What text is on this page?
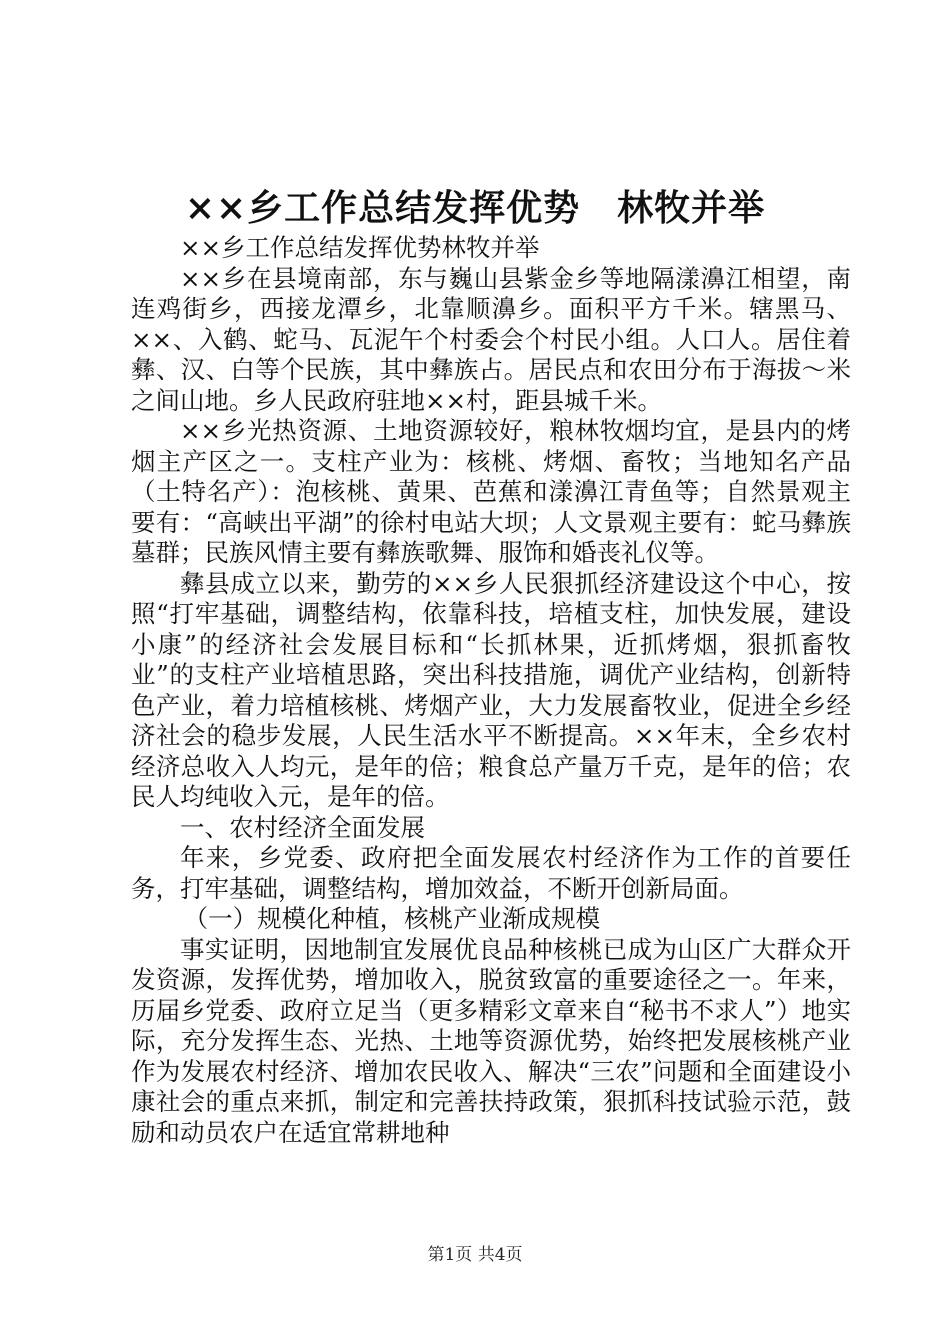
××乡工作总结发挥优势　林牧并举

××乡工作总结发挥优势林牧并举

××乡在县境南部，东与巍山县紫金乡等地隔漾濞江相望，南连鸡街乡，西接龙潭乡，北靠顺濞乡。面积平方千米。辖黑马、××、入鹤、蛇马、瓦泥午个村委会个村民小组。人口人。居住着彝、汉、白等个民族，其中彝族占。居民点和农田分布于海拔～米之间山地。乡人民政府驻地××村，距县城千米。

××乡光热资源、土地资源较好，粮林牧烟均宜，是县内的烤烟主产区之一。支柱产业为：核桃、烤烟、畜牧；当地知名产品（土特名产）：泡核桃、黄果、芭蕉和漾濞江青鱼等；自然景观主要有：“高峡出平湖”的徐村电站大坝；人文景观主要有：蛇马彝族墓群；民族风情主要有彝族歌舞、服饰和婚丧礼仪等。

彝县成立以来，勤劳的××乡人民狠抓经济建设这个中心，按照“打牢基础，调整结构，依靠科技，培植支柱，加快发展，建设小康”的经济社会发展目标和“长抓林果，近抓烤烟，狠抓畜牧业”的支柱产业培植思路，突出科技措施，调优产业结构，创新特色产业，着力培植核桃、烤烟产业，大力发展畜牧业，促进全乡经济社会的稳步发展，人民生活水平不断提高。××年末，全乡农村经济总收入人均元，是年的倍；粮食总产量万千克，是年的倍；农民人均纯收入元，是年的倍。

一、农村经济全面发展

年来，乡党委、政府把全面发展农村经济作为工作的首要任务，打牢基础，调整结构，增加效益，不断开创新局面。

（一）规模化种植，核桃产业渐成规模

事实证明，因地制宜发展优良品种核桃已成为山区广大群众开发资源，发挥优势，增加收入，脱贫致富的重要途径之一。年来，历届乡党委、政府立足当（更多精彩文章来自“秘书不求人”）地实际，充分发挥生态、光热、土地等资源优势，始终把发展核桃产业作为发展农村经济、增加农民收入、解决“三农”问题和全面建设小康社会的重点来抓，制定和完善扶持政策，狠抓科技试验示范，鼓励和动员农户在适宜常耕地种

第1页 共4页
